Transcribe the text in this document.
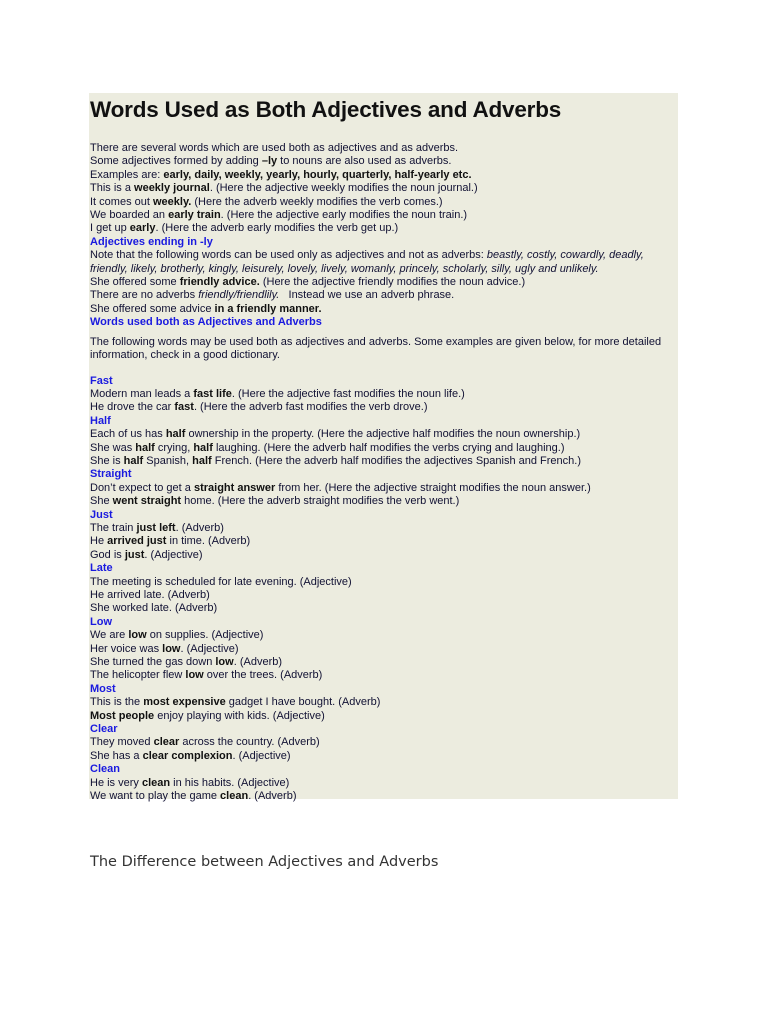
Words Used as Both Adjectives and Adverbs
There are several words which are used both as adjectives and as adverbs.
Some adjectives formed by adding –ly to nouns are also used as adverbs.
Examples are: early, daily, weekly, yearly, hourly, quarterly, half-yearly etc.
This is a weekly journal. (Here the adjective weekly modifies the noun journal.)
It comes out weekly. (Here the adverb weekly modifies the verb comes.)
We boarded an early train. (Here the adjective early modifies the noun train.)
I get up early. (Here the adverb early modifies the verb get up.)
Adjectives ending in -ly
Note that the following words can be used only as adjectives and not as adverbs: beastly, costly, cowardly, deadly,
friendly, likely, brotherly, kingly, leisurely, lovely, lively, womanly, princely, scholarly, silly, ugly and unlikely.
She offered some friendly advice. (Here the adjective friendly modifies the noun advice.)
There are no adverbs friendly/friendlily.   Instead we use an adverb phrase.
She offered some advice in a friendly manner.
Words used both as Adjectives and Adverbs
The following words may be used both as adjectives and adverbs. Some examples are given below, for more detailed
information, check in a good dictionary.
Fast
Modern man leads a fast life. (Here the adjective fast modifies the noun life.)
He drove the car fast. (Here the adverb fast modifies the verb drove.)
Half
Each of us has half ownership in the property. (Here the adjective half modifies the noun ownership.)
She was half crying, half laughing. (Here the adverb half modifies the verbs crying and laughing.)
She is half Spanish, half French. (Here the adverb half modifies the adjectives Spanish and French.)
Straight
Don’t expect to get a straight answer from her. (Here the adjective straight modifies the noun answer.)
She went straight home. (Here the adverb straight modifies the verb went.)
Just
The train just left. (Adverb)
He arrived just in time. (Adverb)
God is just. (Adjective)
Late
The meeting is scheduled for late evening. (Adjective)
He arrived late. (Adverb)
She worked late. (Adverb)
Low
We are low on supplies. (Adjective)
Her voice was low. (Adjective)
She turned the gas down low. (Adverb)
The helicopter flew low over the trees. (Adverb)
Most
This is the most expensive gadget I have bought. (Adverb)
Most people enjoy playing with kids. (Adjective)
Clear
They moved clear across the country. (Adverb)
She has a clear complexion. (Adjective)
Clean
He is very clean in his habits. (Adjective)
We want to play the game clean. (Adverb)
The Difference between Adjectives and Adverbs
